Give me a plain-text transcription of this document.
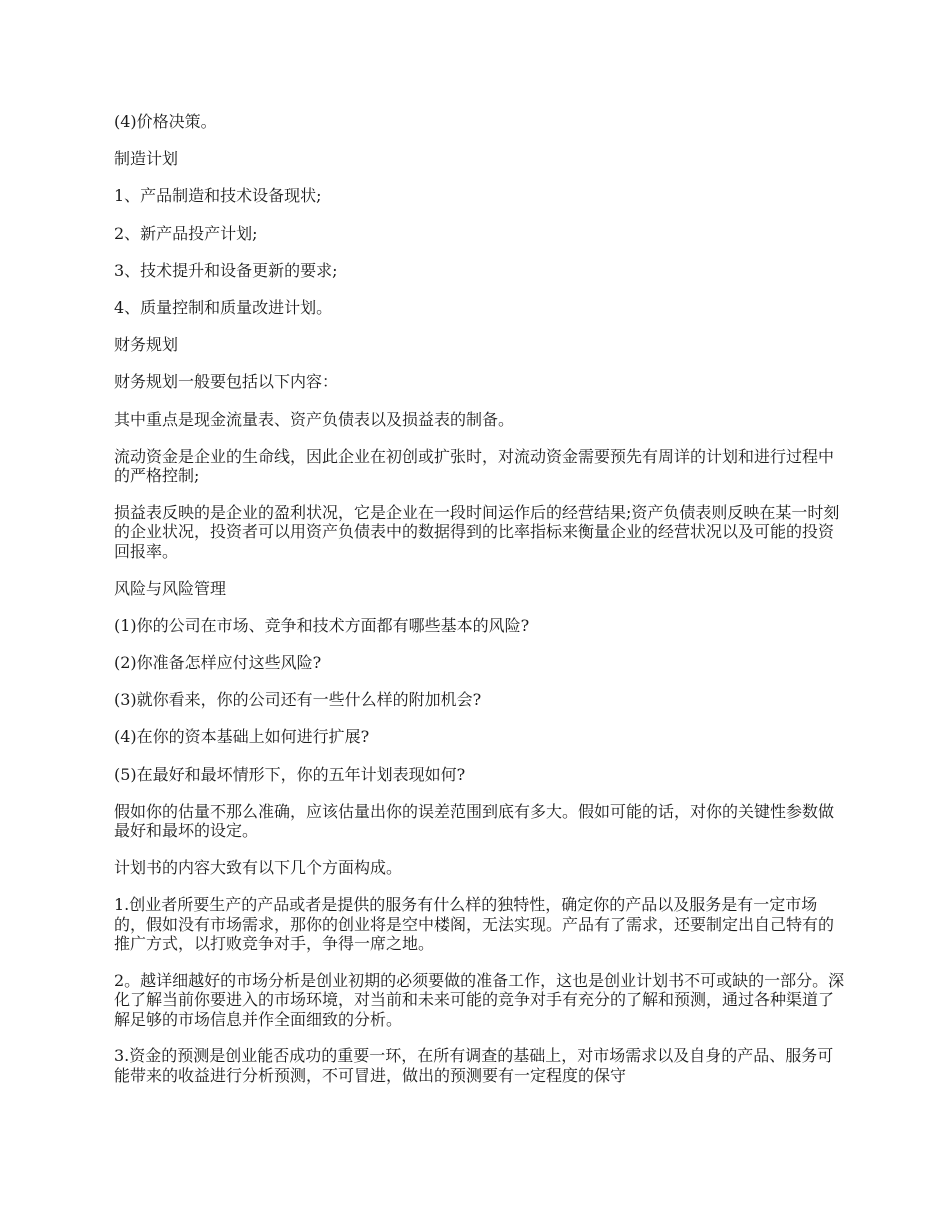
(4)价格决策。

制造计划

1、产品制造和技术设备现状;

2、新产品投产计划;

3、技术提升和设备更新的要求;

4、质量控制和质量改进计划。

财务规划

财务规划一般要包括以下内容：

其中重点是现金流量表、资产负债表以及损益表的制备。

流动资金是企业的生命线，因此企业在初创或扩张时，对流动资金需要预先有周详的计划和进行过程中的严格控制;

损益表反映的是企业的盈利状况，它是企业在一段时间运作后的经营结果;资产负债表则反映在某一时刻的企业状况，投资者可以用资产负债表中的数据得到的比率指标来衡量企业的经营状况以及可能的投资回报率。

风险与风险管理

(1)你的公司在市场、竞争和技术方面都有哪些基本的风险?

(2)你准备怎样应付这些风险?

(3)就你看来，你的公司还有一些什么样的附加机会?

(4)在你的资本基础上如何进行扩展?

(5)在最好和最坏情形下，你的五年计划表现如何?

假如你的估量不那么准确，应该估量出你的误差范围到底有多大。假如可能的话，对你的关键性参数做最好和最坏的设定。

计划书的内容大致有以下几个方面构成。

1.创业者所要生产的产品或者是提供的服务有什么样的独特性，确定你的产品以及服务是有一定市场的，假如没有市场需求，那你的创业将是空中楼阁，无法实现。产品有了需求，还要制定出自己特有的推广方式，以打败竞争对手，争得一席之地。

2。越详细越好的市场分析是创业初期的必须要做的准备工作，这也是创业计划书不可或缺的一部分。深化了解当前你要进入的市场环境，对当前和未来可能的竞争对手有充分的了解和预测，通过各种渠道了解足够的市场信息并作全面细致的分析。

3.资金的预测是创业能否成功的重要一环，在所有调查的基础上，对市场需求以及自身的产品、服务可能带来的收益进行分析预测，不可冒进，做出的预测要有一定程度的保守
